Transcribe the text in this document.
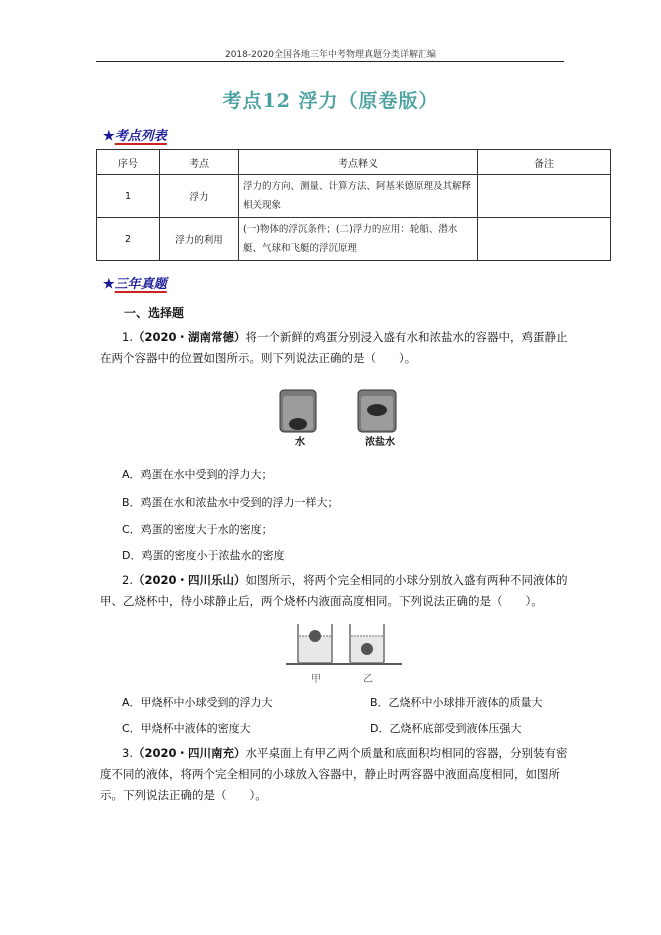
2018-2020全国各地三年中考物理真题分类详解汇编
考点12 浮力（原卷版）
★考点列表
序号	考点	考点释义	备注
1	浮力	浮力的方向、测量、计算方法、阿基米德原理及其解释相关现象	
2	浮力的利用	(一)物体的浮沉条件；(二)浮力的应用：轮船、潜水艇、气球和飞艇的浮沉原理	
★三年真题
一、选择题
1.（2020・湖南常德）将一个新鲜的鸡蛋分别浸入盛有水和浓盐水的容器中，鸡蛋静止在两个容器中的位置如图所示。则下列说法正确的是（　　）。
水	浓盐水
A．鸡蛋在水中受到的浮力大；
B．鸡蛋在水和浓盐水中受到的浮力一样大；
C．鸡蛋的密度大于水的密度；
D．鸡蛋的密度小于浓盐水的密度
2.（2020・四川乐山）如图所示，将两个完全相同的小球分别放入盛有两种不同液体的甲、乙烧杯中，待小球静止后，两个烧杯内液面高度相同。下列说法正确的是（　　）。
甲	乙
A．甲烧杯中小球受到的浮力大	B．乙烧杯中小球排开液体的质量大
C．甲烧杯中液体的密度大	D．乙烧杯底部受到液体压强大
3.（2020・四川南充）水平桌面上有甲乙两个质量和底面积均相同的容器，分别装有密度不同的液体，将两个完全相同的小球放入容器中，静止时两容器中液面高度相同，如图所示。下列说法正确的是（　　）。
